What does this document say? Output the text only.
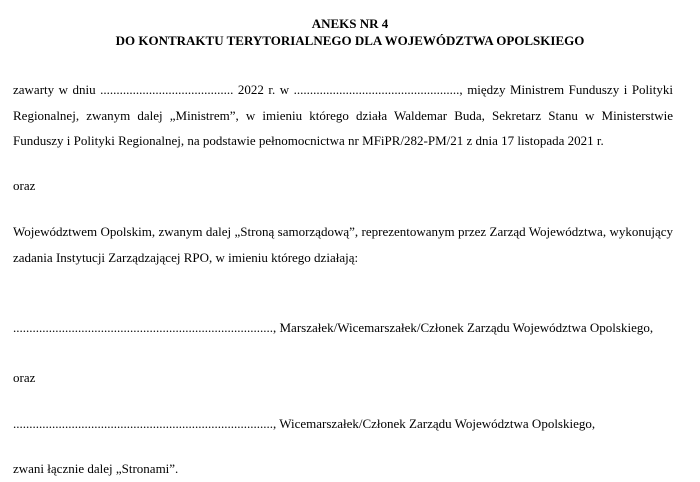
ANEKS NR 4
DO KONTRAKTU TERYTORIALNEGO DLA WOJEWÓDZTWA OPOLSKIEGO
zawarty w dniu ......................................... 2022 r. w ..................................................., między Ministrem Funduszy i Polityki Regionalnej, zwanym dalej „Ministrem”, w imieniu którego działa Waldemar Buda, Sekretarz Stanu w Ministerstwie Funduszy i Polityki Regionalnej, na podstawie pełnomocnictwa nr MFiPR/282-PM/21 z dnia 17 listopada 2021 r.
oraz
Województwem Opolskim, zwanym dalej „Stroną samorządową”, reprezentowanym przez Zarząd Województwa, wykonujący zadania Instytucji Zarządzającej RPO, w imieniu którego działają:
................................................................................, Marszałek/Wicemarszałek/Członek Zarządu Województwa Opolskiego,
oraz
................................................................................, Wicemarszałek/Członek Zarządu Województwa Opolskiego,
zwani łącznie dalej „Stronami”.
